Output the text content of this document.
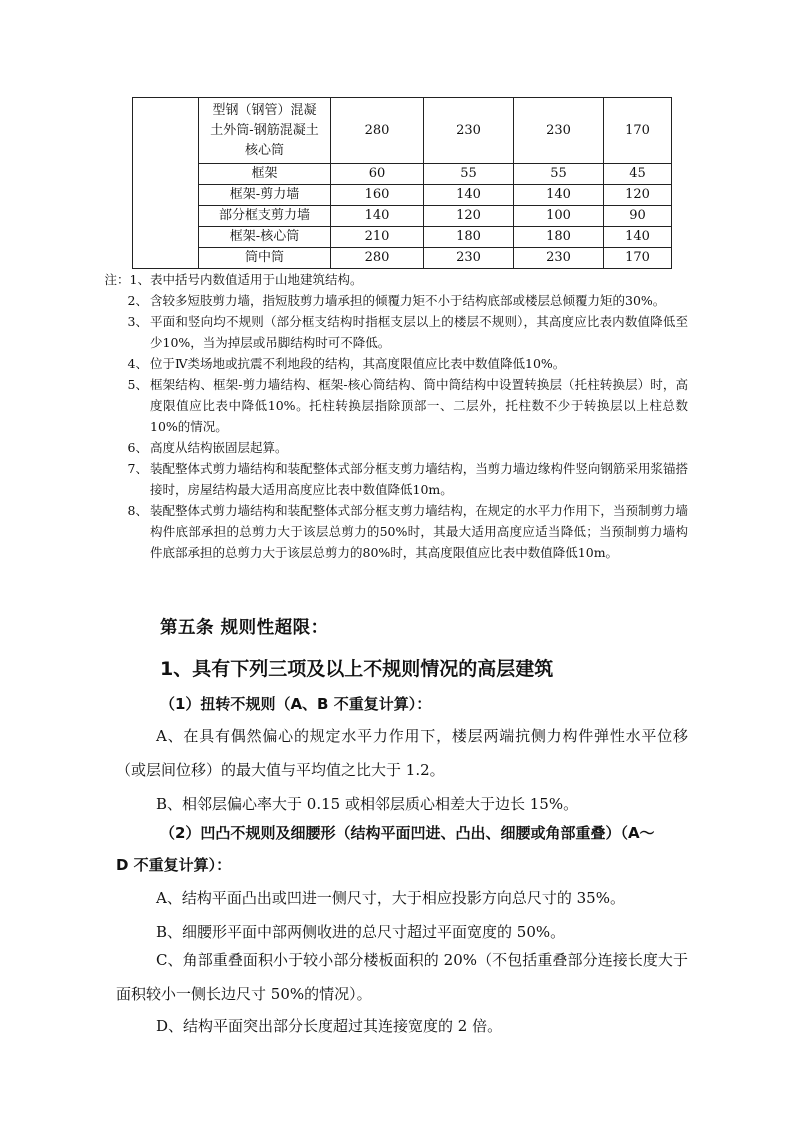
	型钢（钢管）混凝
土外筒-钢筋混凝土
核心筒	280	230	230	170
	框架	60	55	55	45
	框架-剪力墙	160	140	140	120
	部分框支剪力墙	140	120	100	90
	框架-核心筒	210	180	180	140
	筒中筒	280	230	230	170
注：1、 表中括号内数值适用于山地建筑结构。
2、 含较多短肢剪力墙，指短肢剪力墙承担的倾覆力矩不小于结构底部或楼层总倾覆力矩的30%。
3、 平面和竖向均不规则（部分框支结构时指框支层以上的楼层不规则），其高度应比表内数值降低至少10%，当为掉层或吊脚结构时可不降低。
4、 位于Ⅳ类场地或抗震不利地段的结构，其高度限值应比表中数值降低10%。
5、 框架结构、框架-剪力墙结构、框架-核心筒结构、筒中筒结构中设置转换层（托柱转换层）时，高度限值应比表中降低10%。托柱转换层指除顶部一、二层外，托柱数不少于转换层以上柱总数10%的情况。
6、 高度从结构嵌固层起算。
7、 装配整体式剪力墙结构和装配整体式部分框支剪力墙结构，当剪力墙边缘构件竖向钢筋采用浆锚搭接时，房屋结构最大适用高度应比表中数值降低10m。
8、 装配整体式剪力墙结构和装配整体式部分框支剪力墙结构，在规定的水平力作用下，当预制剪力墙构件底部承担的总剪力大于该层总剪力的50%时，其最大适用高度应适当降低；当预制剪力墙构件底部承担的总剪力大于该层总剪力的80%时，其高度限值应比表中数值降低10m。
第五条 规则性超限：
1、具有下列三项及以上不规则情况的高层建筑
（1）扭转不规则（A、B 不重复计算）：
A、在具有偶然偏心的规定水平力作用下，楼层两端抗侧力构件弹性水平位移（或层间位移）的最大值与平均值之比大于 1.2。
B、相邻层偏心率大于 0.15 或相邻层质心相差大于边长 15%。
（2）凹凸不规则及细腰形（结构平面凹进、凸出、细腰或角部重叠）（A～
D 不重复计算）：
A、结构平面凸出或凹进一侧尺寸，大于相应投影方向总尺寸的 35%。
B、细腰形平面中部两侧收进的总尺寸超过平面宽度的 50%。
C、角部重叠面积小于较小部分楼板面积的 20%（不包括重叠部分连接长度大于面积较小一侧长边尺寸 50%的情况）。
D、结构平面突出部分长度超过其连接宽度的 2 倍。
